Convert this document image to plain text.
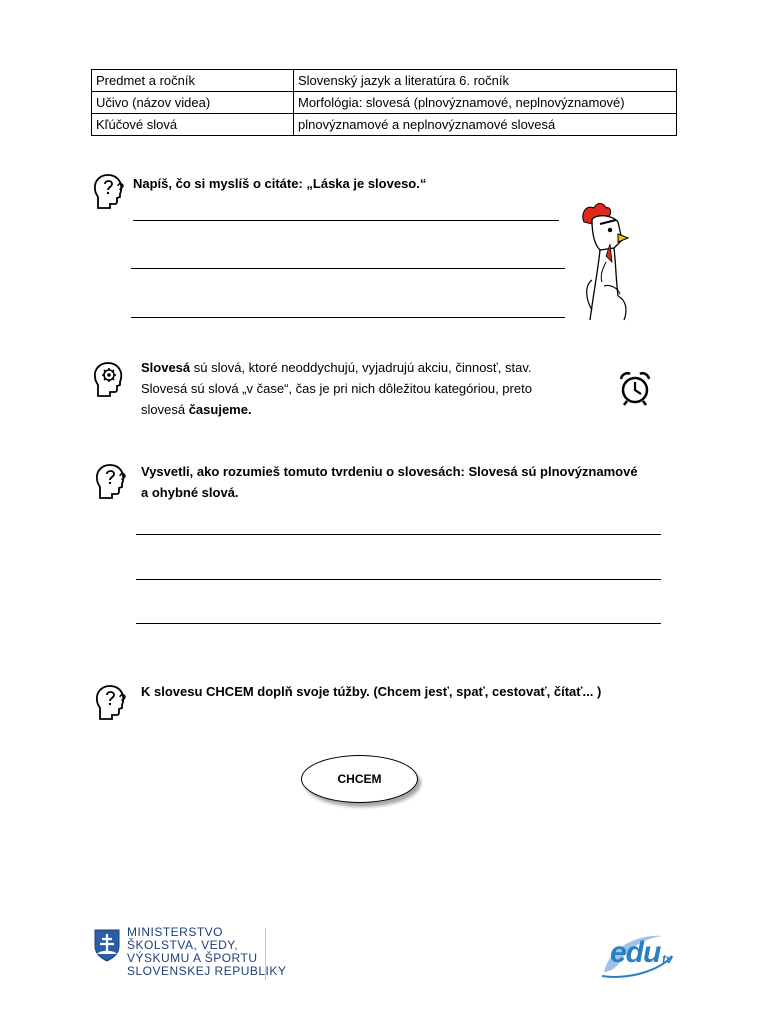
Predmet a ročník	Slovenský jazyk a literatúra 6. ročník
Učivo (názov videa)	Morfológia: slovesá (plnovýznamové, neplnovýznamové)
Kľúčové slová	plnovýznamové a neplnovýznamové slovesá
Napíš, čo si myslíš o citáte: „Láska je sloveso.“
Slovesá sú slová, ktoré neoddychujú, vyjadrujú akciu, činnosť, stav.
Slovesá sú slová „v čase“, čas je pri nich dôležitou kategóriou, preto
slovesá časujeme.
Vysvetli, ako rozumieš tomuto tvrdeniu o slovesách: Slovesá sú plnovýznamové
a ohybné slová.
K slovesu CHCEM doplň svoje túžby. (Chcem jesť, spať, cestovať, čítať... )
CHCEM
MINISTERSTVO
ŠKOLSTVA, VEDY,
VÝSKUMU A ŠPORTU
SLOVENSKEJ REPUBLIKY
edu tv
